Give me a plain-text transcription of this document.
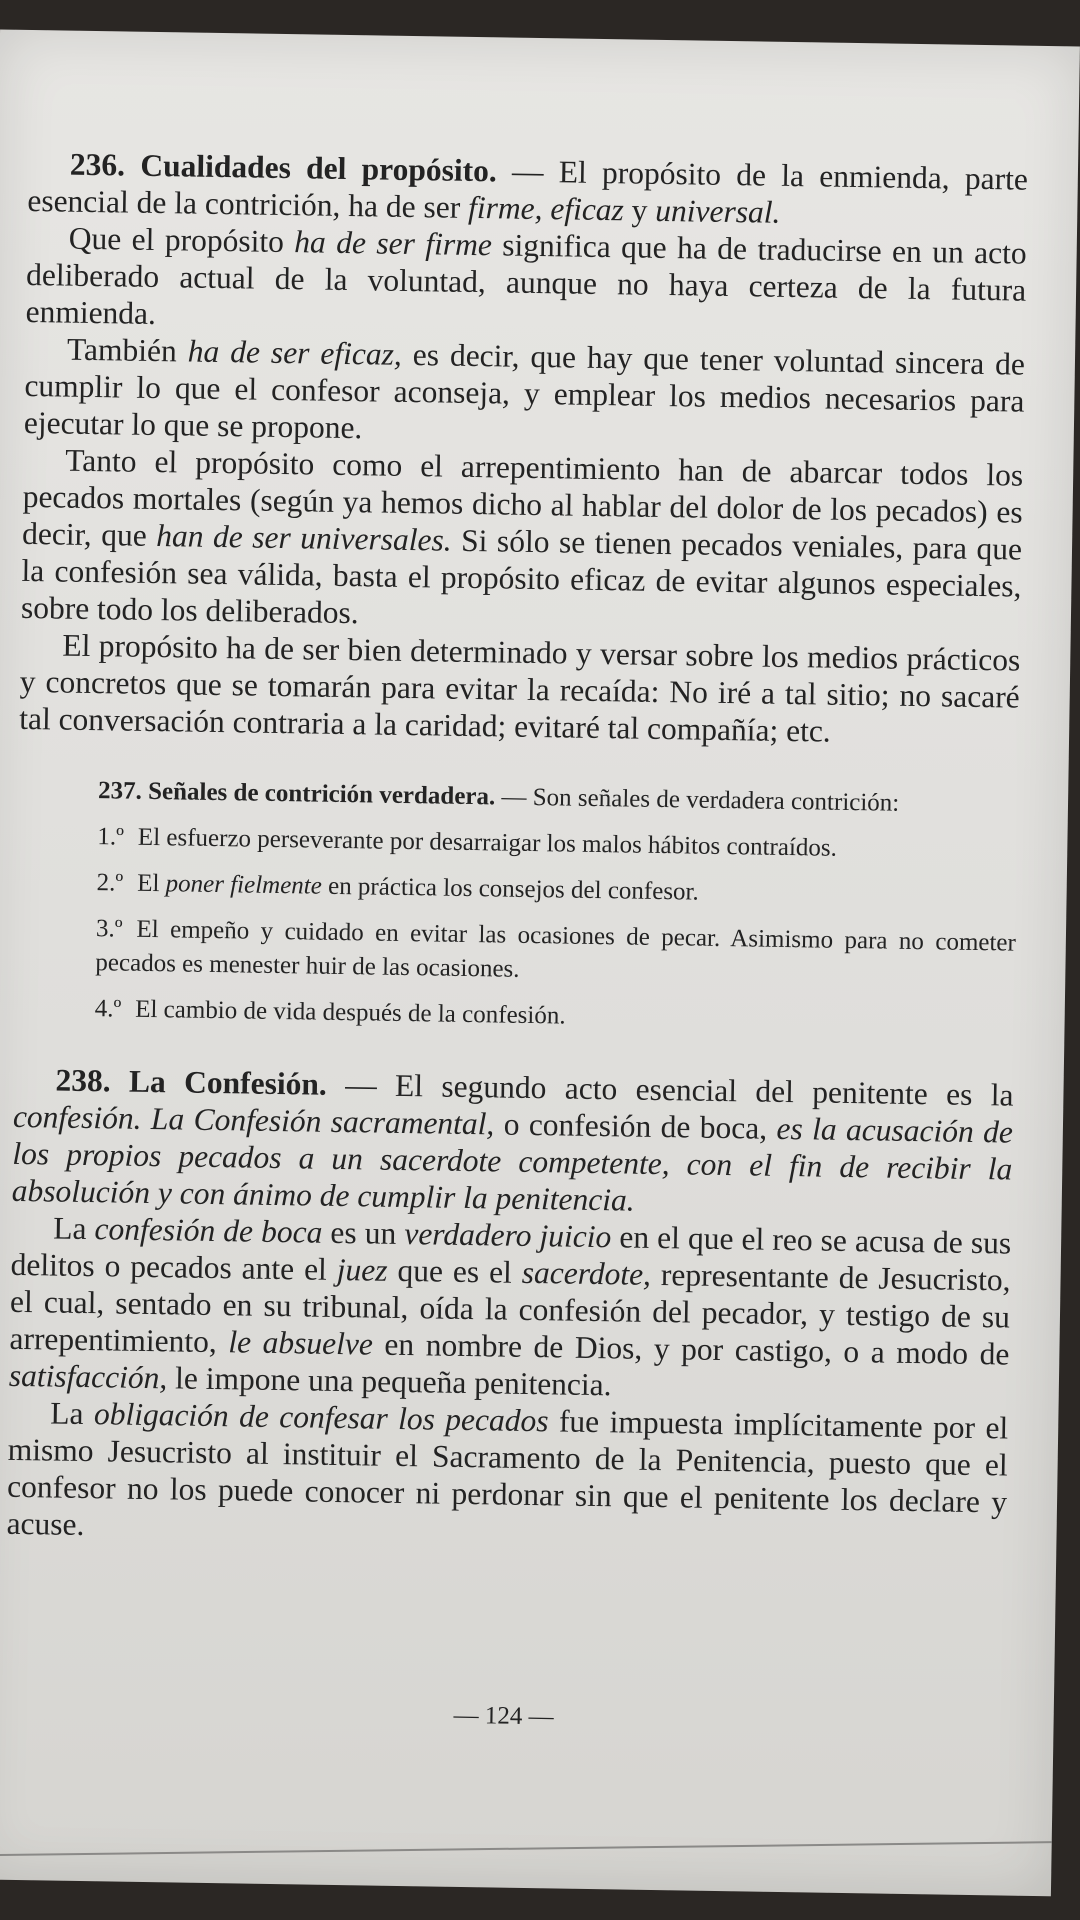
236. Cualidades del propósito. — El propósito de la enmienda, parte esencial de la contrición, ha de ser firme, eficaz y universal.

Que el propósito ha de ser firme significa que ha de traducirse en un acto deliberado actual de la voluntad, aunque no haya certeza de la futura enmienda.

También ha de ser eficaz, es decir, que hay que tener voluntad sincera de cumplir lo que el confesor aconseja, y emplear los medios necesarios para ejecutar lo que se propone.

Tanto el propósito como el arrepentimiento han de abarcar todos los pecados mortales (según ya hemos dicho al hablar del dolor de los pecados) es decir, que han de ser universales. Si sólo se tienen pecados veniales, para que la confesión sea válida, basta el propósito eficaz de evitar algunos especiales, sobre todo los deliberados.

El propósito ha de ser bien determinado y versar sobre los medios prácticos y concretos que se tomarán para evitar la recaída: No iré a tal sitio; no sacaré tal conversación contraria a la caridad; evitaré tal compañía; etc.

237. Señales de contrición verdadera. — Son señales de verdadera contrición:

1.º El esfuerzo perseverante por desarraigar los malos hábitos contraídos.

2.º El poner fielmente en práctica los consejos del confesor.

3.º El empeño y cuidado en evitar las ocasiones de pecar. Asimismo para no cometer pecados es menester huir de las ocasiones.

4.º El cambio de vida después de la confesión.

238. La Confesión. — El segundo acto esencial del penitente es la confesión. La Confesión sacramental, o confesión de boca, es la acusación de los propios pecados a un sacerdote competente, con el fin de recibir la absolución y con ánimo de cumplir la penitencia.

La confesión de boca es un verdadero juicio en el que el reo se acusa de sus delitos o pecados ante el juez que es el sacerdote, representante de Jesucristo, el cual, sentado en su tribunal, oída la confesión del pecador, y testigo de su arrepentimiento, le absuelve en nombre de Dios, y por castigo, o a modo de satisfacción, le impone una pequeña penitencia.

La obligación de confesar los pecados fue impuesta implícitamente por el mismo Jesucristo al instituir el Sacramento de la Penitencia, puesto que el confesor no los puede conocer ni perdonar sin que el penitente los declare y acuse.

— 124 —
